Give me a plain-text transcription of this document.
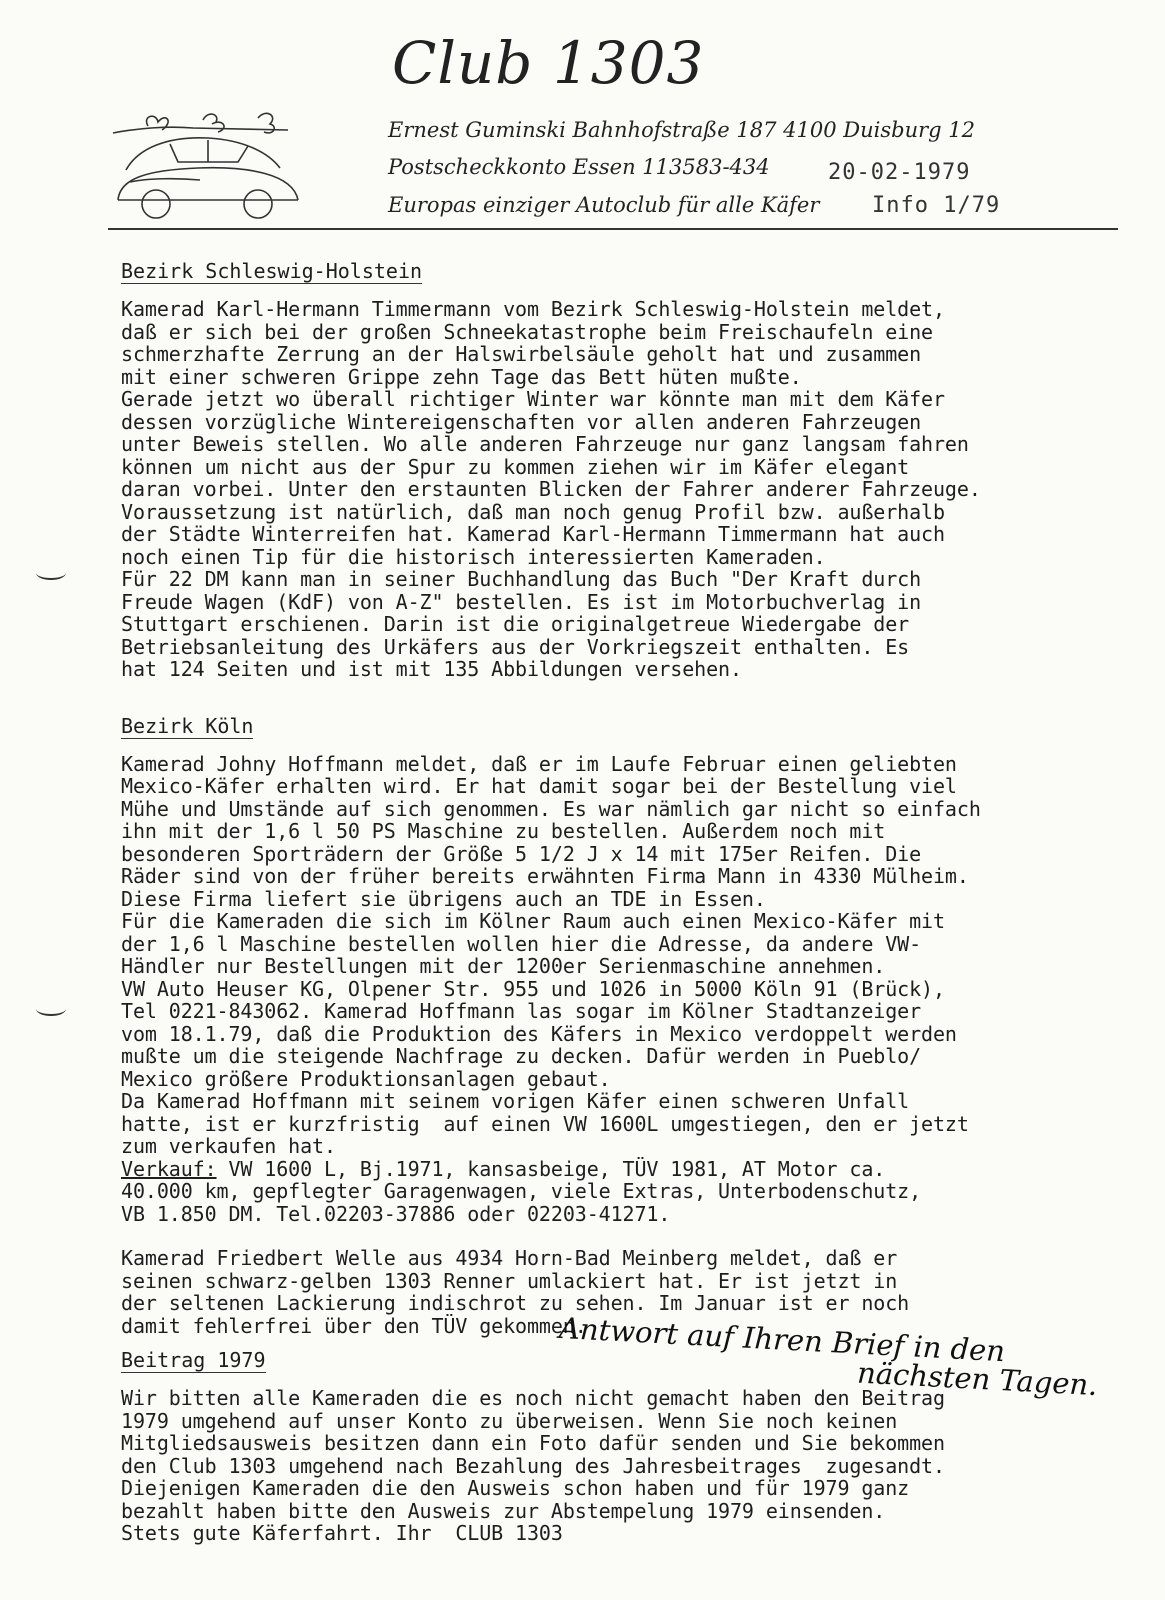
Club 1303
Ernest Guminski Bahnhofstraße 187 4100 Duisburg 12
Postscheckkonto Essen 113583-434	20-02-1979
Europas einziger Autoclub für alle Käfer Info 1/79
Bezirk Schleswig-Holstein
Kamerad Karl-Hermann Timmermann vom Bezirk Schleswig-Holstein meldet,
daß er sich bei der großen Schneekatastrophe beim Freischaufeln eine
schmerzhafte Zerrung an der Halswirbelsäule geholt hat und zusammen
mit einer schweren Grippe zehn Tage das Bett hüten mußte.
Gerade jetzt wo überall richtiger Winter war könnte man mit dem Käfer
dessen vorzügliche Wintereigenschaften vor allen anderen Fahrzeugen
unter Beweis stellen. Wo alle anderen Fahrzeuge nur ganz langsam fahren
können um nicht aus der Spur zu kommen ziehen wir im Käfer elegant
daran vorbei. Unter den erstaunten Blicken der Fahrer anderer Fahrzeuge.
Voraussetzung ist natürlich, daß man noch genug Profil bzw. außerhalb
der Städte Winterreifen hat. Kamerad Karl-Hermann Timmermann hat auch
noch einen Tip für die historisch interessierten Kameraden.
Für 22 DM kann man in seiner Buchhandlung das Buch "Der Kraft durch
Freude Wagen (KdF) von A-Z" bestellen. Es ist im Motorbuchverlag in
Stuttgart erschienen. Darin ist die originalgetreue Wiedergabe der
Betriebsanleitung des Urkäfers aus der Vorkriegszeit enthalten. Es
hat 124 Seiten und ist mit 135 Abbildungen versehen.
Bezirk Köln
Kamerad Johny Hoffmann meldet, daß er im Laufe Februar einen geliebten
Mexico-Käfer erhalten wird. Er hat damit sogar bei der Bestellung viel
Mühe und Umstände auf sich genommen. Es war nämlich gar nicht so einfach
ihn mit der 1,6 l 50 PS Maschine zu bestellen. Außerdem noch mit
besonderen Sporträdern der Größe 5 1/2 J x 14 mit 175er Reifen. Die
Räder sind von der früher bereits erwähnten Firma Mann in 4330 Mülheim.
Diese Firma liefert sie übrigens auch an TDE in Essen.
Für die Kameraden die sich im Kölner Raum auch einen Mexico-Käfer mit
der 1,6 l Maschine bestellen wollen hier die Adresse, da andere VW-
Händler nur Bestellungen mit der 1200er Serienmaschine annehmen.
VW Auto Heuser KG, Olpener Str. 955 und 1026 in 5000 Köln 91 (Brück),
Tel 0221-843062. Kamerad Hoffmann las sogar im Kölner Stadtanzeiger
vom 18.1.79, daß die Produktion des Käfers in Mexico verdoppelt werden
mußte um die steigende Nachfrage zu decken. Dafür werden in Pueblo/
Mexico größere Produktionsanlagen gebaut.
Da Kamerad Hoffmann mit seinem vorigen Käfer einen schweren Unfall
hatte, ist er kurzfristig  auf einen VW 1600L umgestiegen, den er jetzt
zum verkaufen hat.
Verkauf: VW 1600 L, Bj.1971, kansasbeige, TÜV 1981, AT Motor ca.
40.000 km, gepflegter Garagenwagen, viele Extras, Unterbodenschutz,
VB 1.850 DM. Tel.02203-37886 oder 02203-41271.
Kamerad Friedbert Welle aus 4934 Horn-Bad Meinberg meldet, daß er
seinen schwarz-gelben 1303 Renner umlackiert hat. Er ist jetzt in
der seltenen Lackierung indischrot zu sehen. Im Januar ist er noch
damit fehlerfrei über den TÜV gekommen.
Beitrag 1979
Wir bitten alle Kameraden die es noch nicht gemacht haben den Beitrag
1979 umgehend auf unser Konto zu überweisen. Wenn Sie noch keinen
Mitgliedsausweis besitzen dann ein Foto dafür senden und Sie bekommen
den Club 1303 umgehend nach Bezahlung des Jahresbeitrages  zugesandt.
Diejenigen Kameraden die den Ausweis schon haben und für 1979 ganz
bezahlt haben bitte den Ausweis zur Abstempelung 1979 einsenden.
Stets gute Käferfahrt. Ihr  CLUB 1303
Antwort auf Ihren Brief in den
nächsten Tagen.
